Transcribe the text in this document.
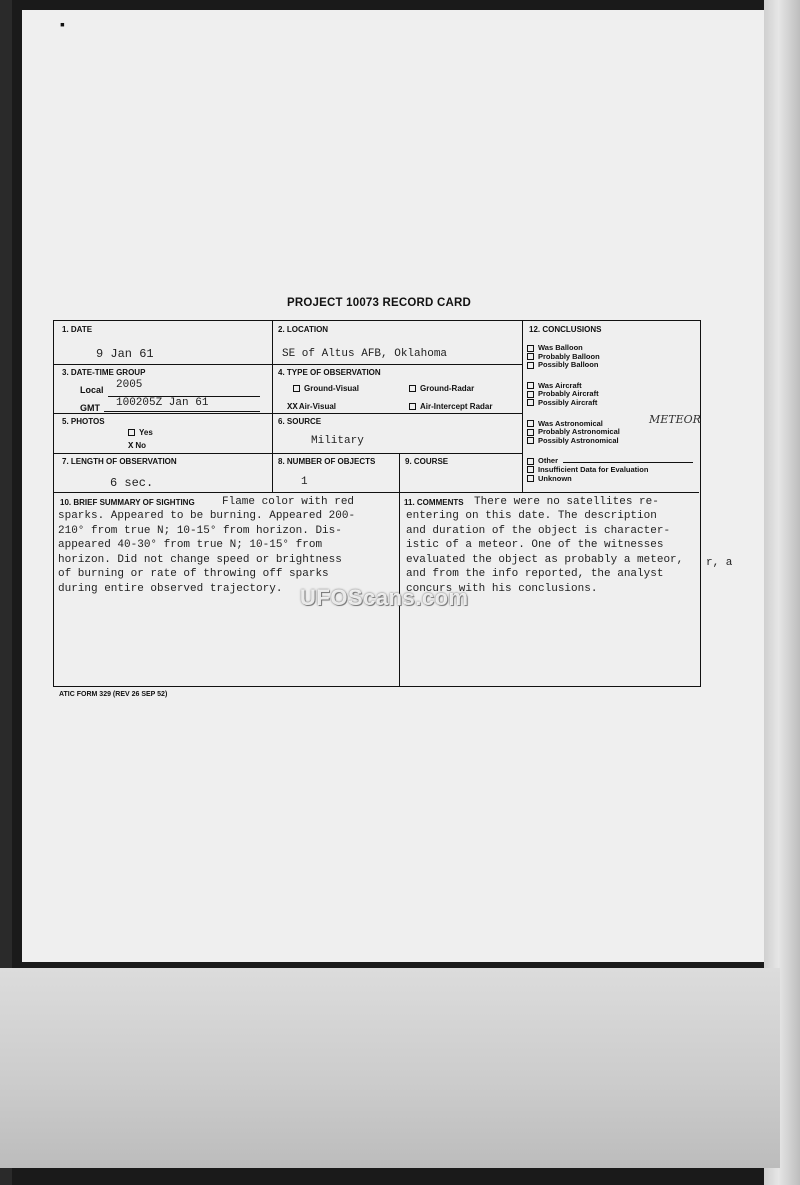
▪
PROJECT 10073 RECORD CARD
1. DATE
9 Jan 61
2. LOCATION
SE of Altus AFB, Oklahoma
3. DATE-TIME GROUP
Local 2005
GMT 100205Z Jan 61
4. TYPE OF OBSERVATION
Ground-Visual	Ground-Radar
XXAir-Visual	Air-Intercept Radar
5. PHOTOS
Yes
X No
6. SOURCE
Military
7. LENGTH OF OBSERVATION
6 sec.
8. NUMBER OF OBJECTS
1
9. COURSE
12. CONCLUSIONS
Was Balloon
Probably Balloon
Possibly Balloon
Was Aircraft
Probably Aircraft
Possibly Aircraft
Was Astronomical
Probably Astronomical
Possibly Astronomical
Other
Insufficient Data for Evaluation
Unknown
METEOR
10. BRIEF SUMMARY OF SIGHTING Flame color with red
sparks. Appeared to be burning. Appeared 200-
210° from true N; 10-15° from horizon. Dis-
appeared 40-30° from true N; 10-15° from
horizon. Did not change speed or brightness
of burning or rate of throwing off sparks
during entire observed trajectory.
11. COMMENTS There were no satellites re-
entering on this date. The description
and duration of the object is character-
istic of a meteor. One of the witnesses
evaluated the object as probably a meteor,
and from the info reported, the analyst
concurs with his conclusions.
r, a
UFOScans.com
ATIC FORM 329 (REV 26 SEP 52)
